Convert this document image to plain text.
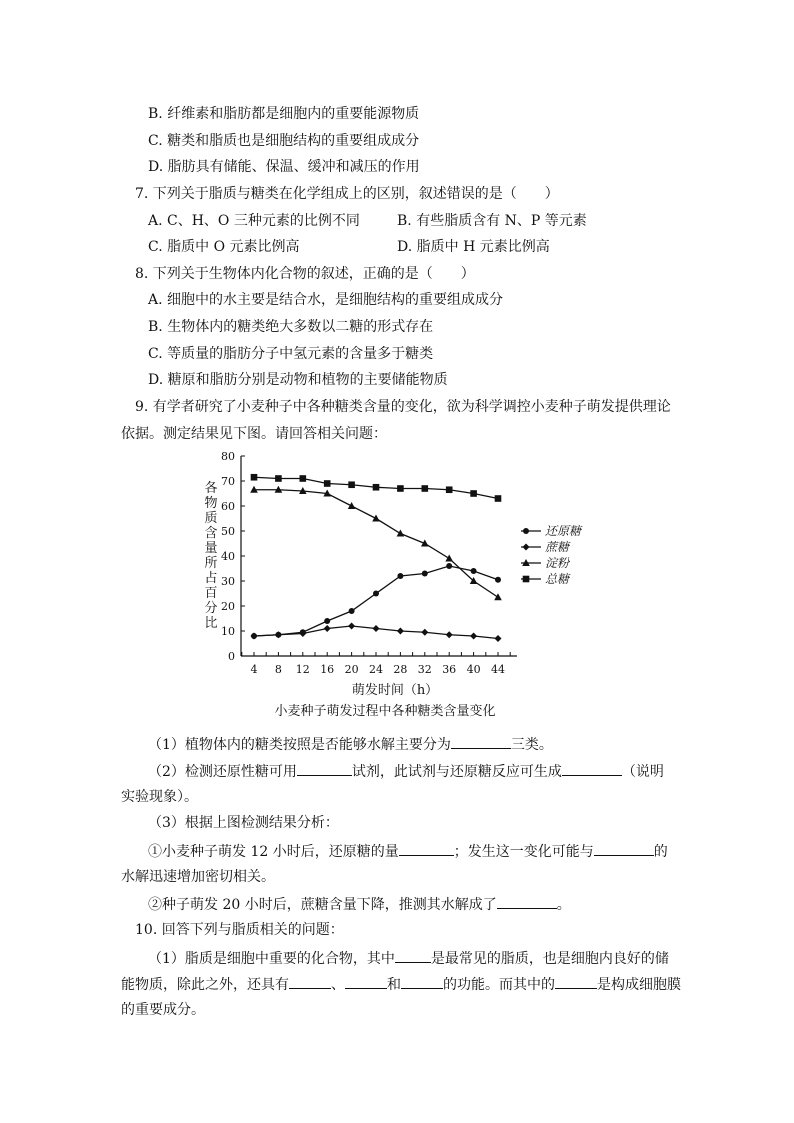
B. 纤维素和脂肪都是细胞内的重要能源物质
C. 糖类和脂质也是细胞结构的重要组成成分
D. 脂肪具有储能、保温、缓冲和减压的作用
7. 下列关于脂质与糖类在化学组成上的区别，叙述错误的是（　　）
A. C、H、O 三种元素的比例不同	B. 有些脂质含有 N、P 等元素
C. 脂质中 O 元素比例高	D. 脂质中 H 元素比例高
8. 下列关于生物体内化合物的叙述，正确的是（　　）
A. 细胞中的水主要是结合水，是细胞结构的重要组成成分
B. 生物体内的糖类绝大多数以二糖的形式存在
C. 等质量的脂肪分子中氢元素的含量多于糖类
D. 糖原和脂肪分别是动物和植物的主要储能物质
9. 有学者研究了小麦种子中各种糖类含量的变化，欲为科学调控小麦种子萌发提供理论
依据。测定结果见下图。请回答相关问题：
0
10
20
30
40
50
60
70
80
4 8 12 16 20 24 28 32 36 40 44
各
物
质
含
量
所
占
百
分
比
萌发时间（h）
小麦种子萌发过程中各种糖类含量变化
还原糖
蔗糖
淀粉
总糖
（1）植物体内的糖类按照是否能够水解主要分为	三类。
（2）检测还原性糖可用	试剂，此试剂与还原糖反应可生成	（说明
实验现象）。
（3）根据上图检测结果分析：
①小麦种子萌发 12 小时后，还原糖的量	；发生这一变化可能与	的
水解迅速增加密切相关。
②种子萌发 20 小时后，蔗糖含量下降，推测其水解成了	。
10. 回答下列与脂质相关的问题：
（1）脂质是细胞中重要的化合物，其中	是最常见的脂质，也是细胞内良好的储
能物质，除此之外，还具有	、	和	的功能。而其中的	是构成细胞膜
的重要成分。
